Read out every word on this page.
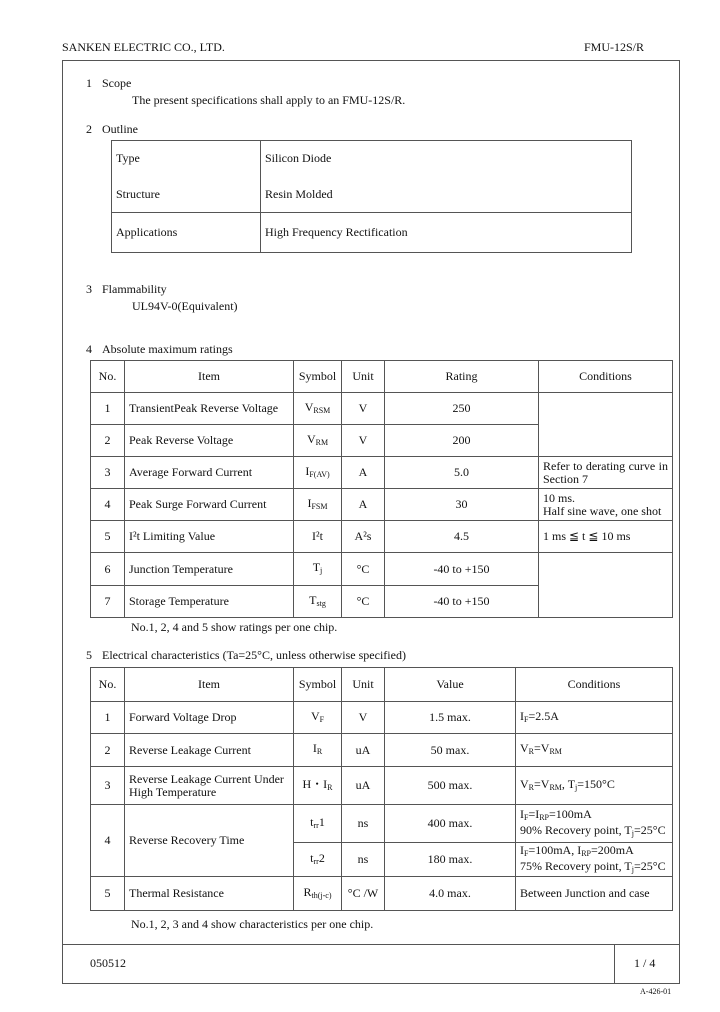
SANKEN ELECTRIC CO., LTD.	FMU-12S/R
1 Scope
The present specifications shall apply to an FMU-12S/R.
2 Outline
Type	Silicon Diode
Structure	Resin Molded
Applications	High Frequency Rectification
3 Flammability
UL94V-0(Equivalent)
4 Absolute maximum ratings
No.	Item	Symbol	Unit	Rating	Conditions
1	TransientPeak Reverse Voltage	$V_{RSM}$	V	250	
2	Peak Reverse Voltage	$V_{RM}$	V	200	
3	Average Forward Current	$I_{F(AV)}$	A	5.0	Refer to derating curve in Section 7
4	Peak Surge Forward Current	$I_{FSM}$	A	30	10 ms.
Half sine wave, one shot

5	I²t Limiting Value	I²t	A²s	4.5	1 ms ≦ t ≦ 10 ms
6	Junction Temperature	$T_j$	°C	-40 to +150	
7	Storage Temperature	$T_{stg}$	°C	-40 to +150	
No.1, 2, 4 and 5 show ratings per one chip.
5 Electrical characteristics (Ta=25°C, unless otherwise specified)
No.	Item	Symbol	Unit	Value	Conditions
1	Forward Voltage Drop	$V_F$	V	1.5 max.	$I_F=2.5A$
2	Reverse Leakage Current	$I_R$	uA	50 max.	$V_R=V_{RM}$
3	Reverse Leakage Current Under
High Temperature	H・$I_R$	uA	500 max.	$V_R=V_{RM}$, $T_j=150^\circ C$
4	Reverse Recovery Time	$t_{rr}1$	ns	400 max.	$I_F=I_{RP}=100mA$
90% Recovery point, $T_j=25^\circ C$

		$t_{rr}2$	ns	180 max.	$I_F=100mA$, $I_{RP}=200mA$
75% Recovery point, $T_j=25^\circ C$

5	Thermal Resistance	$R_{th(j-c)}$	°C /W	4.0 max.	Between Junction and case
No.1, 2, 3 and 4 show characteristics per one chip.
050512	1 / 4
A-426-01
